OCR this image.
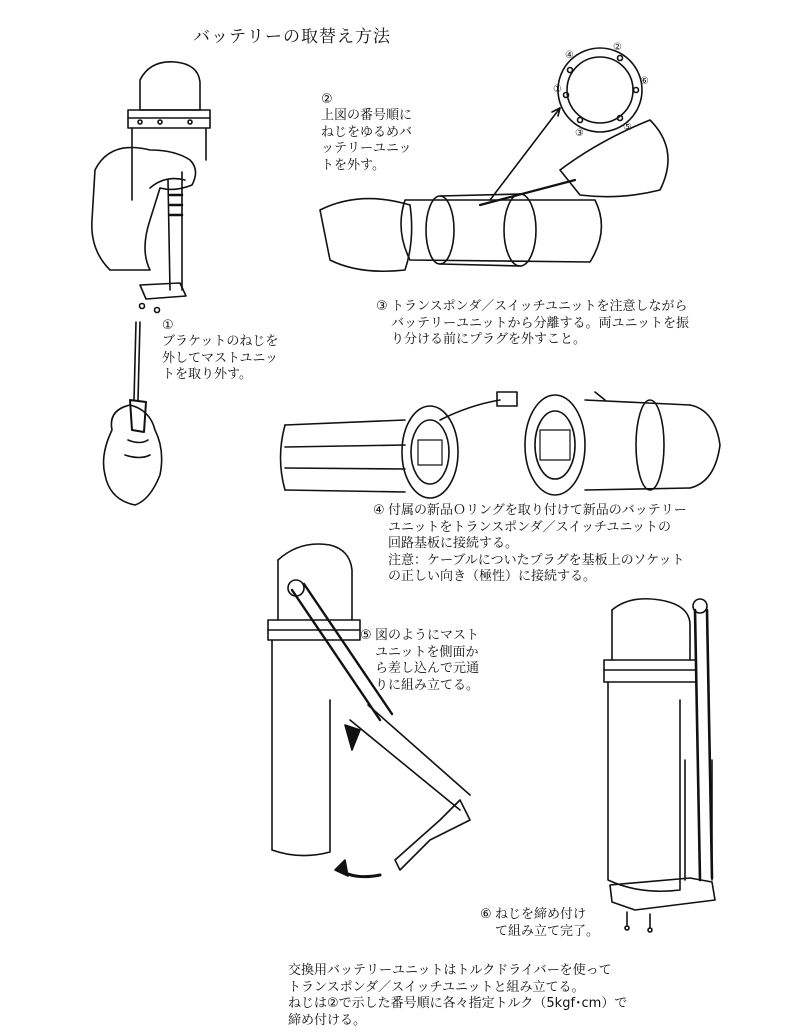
バッテリーの取替え方法
①
ブラケットのねじを
外してマストユニッ
トを取り外す。
②
上図の番号順に
ねじをゆるめバ
ッテリーユニッ
トを外す。
③ トランスポンダ／スイッチユニットを注意しながら
バッテリーユニットから分離する。両ユニットを振
り分ける前にプラグを外すこと。
④ 付属の新品Ｏリングを取り付けて新品のバッテリー
ユニットをトランスポンダ／スイッチユニットの
回路基板に接続する。
注意：ケーブルについたプラグを基板上のソケット
の正しい向き（極性）に接続する。
⑤ 図のようにマスト
ユニットを側面か
ら差し込んで元通
りに組み立てる。
⑥ ねじを締め付け
て組み立て完了。
交換用バッテリーユニットはトルクドライバーを使って
トランスポンダ／スイッチユニットと組み立てる。
ねじは②で示した番号順に各々指定トルク（5kgf･cm）で
締め付ける。
①
②
③
④
⑤
⑥
